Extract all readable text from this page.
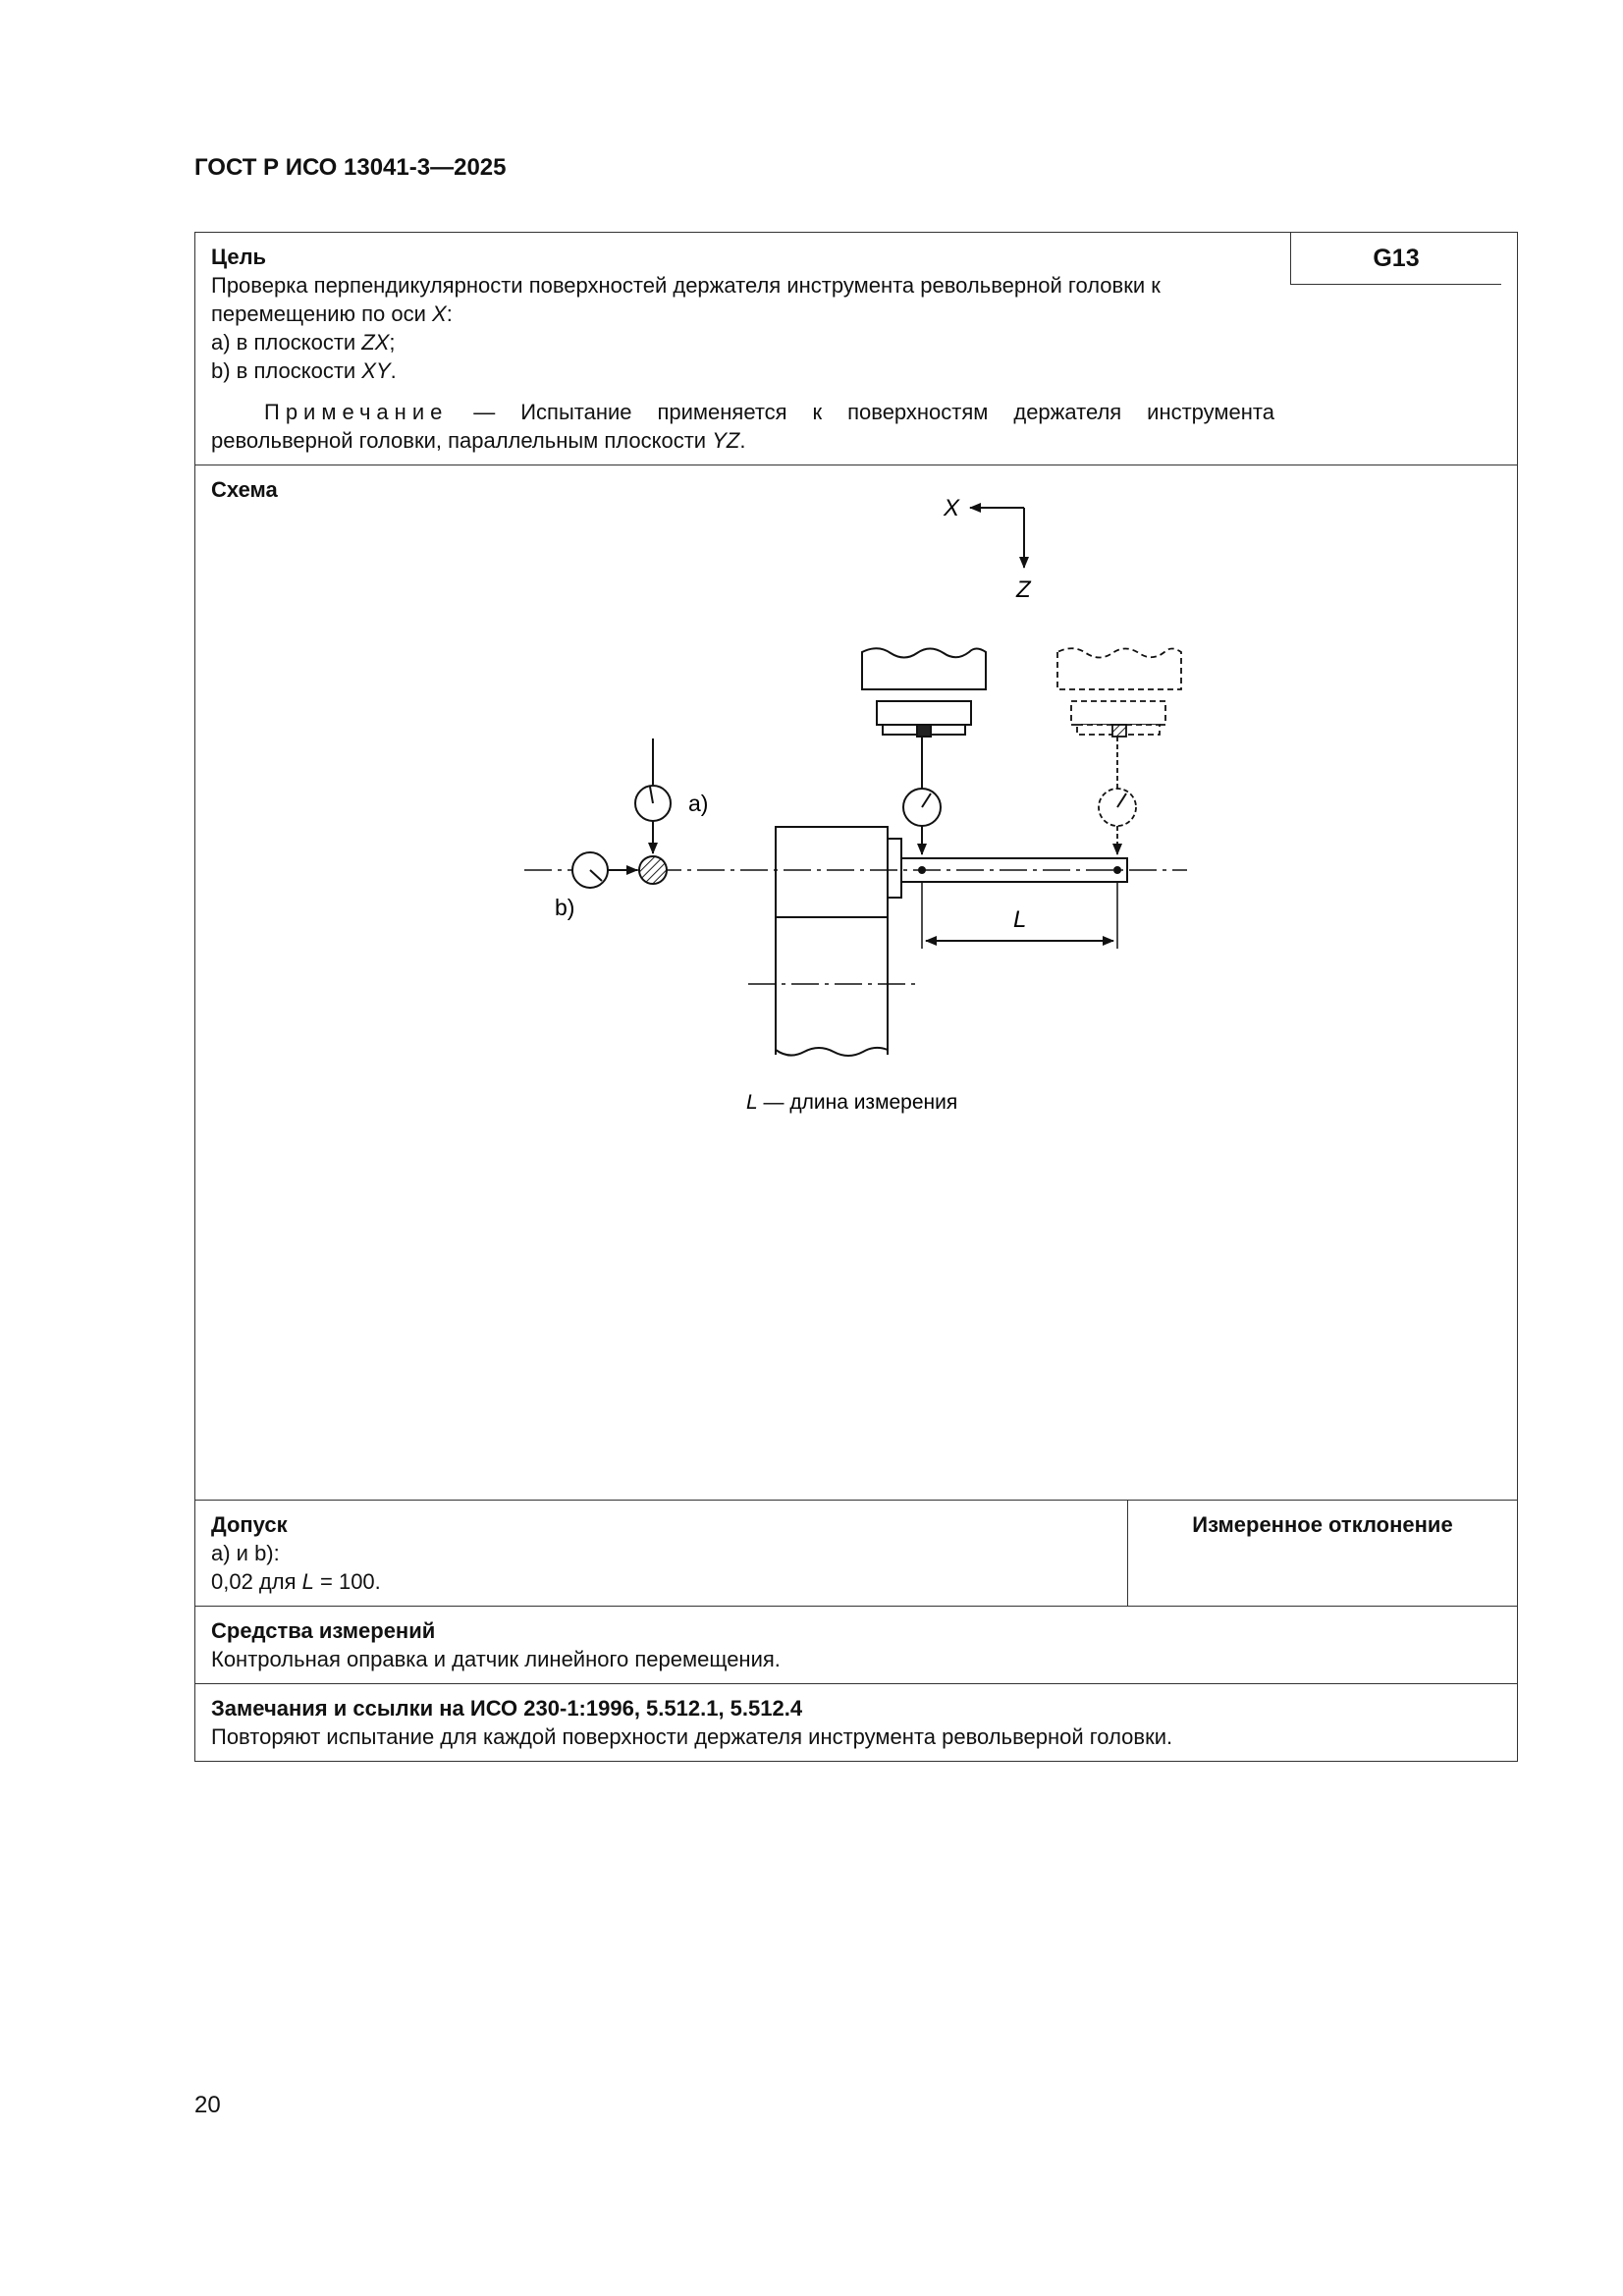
ГОСТ Р ИСО 13041-3—2025
Цель
Проверка перпендикулярности поверхностей держателя инструмента револьверной головки к перемещению по оси X:
a) в плоскости ZX;
b) в плоскости XY.
Примечание — Испытание применяется к поверхностям держателя инструмента револьверной головки, параллельным плоскости YZ.
G13

Схема
X
Z
L
a)
b)
L — длина измерения

Допуск
a) и b):
0,02 для L = 100.

Измеренное отклонение

Средства измерений
Контрольная оправка и датчик линейного перемещения.

Замечания и ссылки на ИСО 230-1:1996, 5.512.1, 5.512.4
Повторяют испытание для каждой поверхности держателя инструмента револьверной головки.
20
